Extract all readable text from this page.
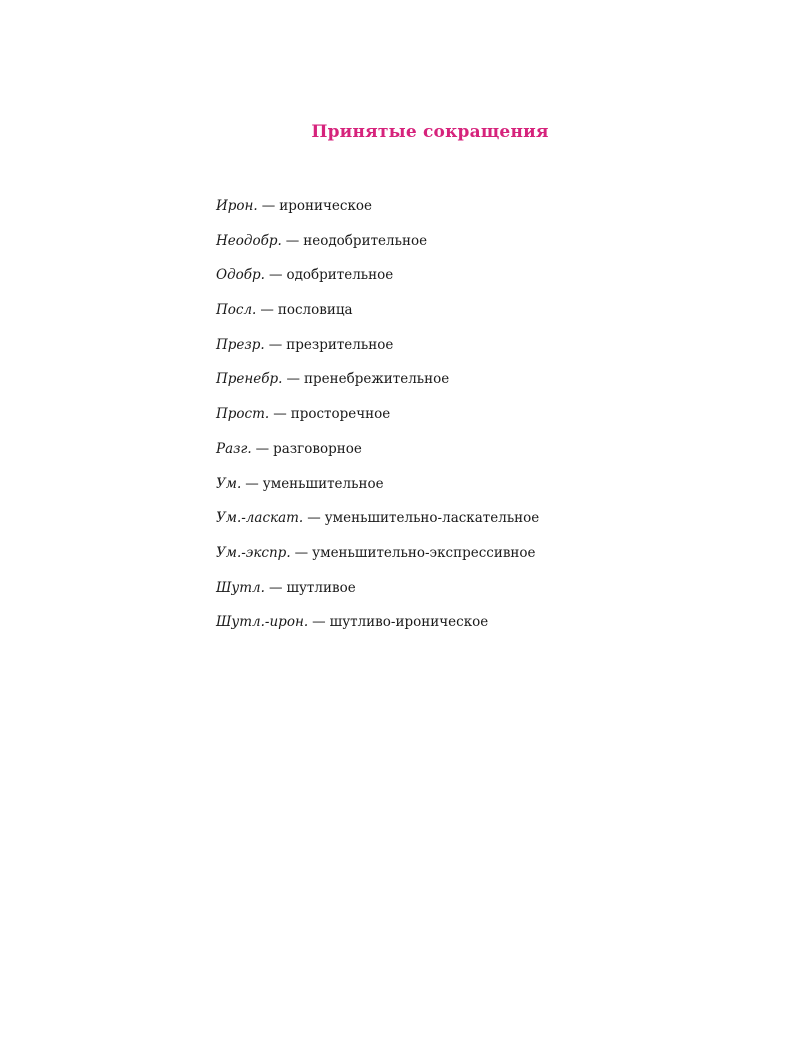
Принятые сокращения
Ирон. — ироническое
Неодобр. — неодобрительное
Одобр. — одобрительное
Посл. — пословица
Презр. — презрительное
Пренебр. — пренебрежительное
Прост. — просторечное
Разг. — разговорное
Ум. — уменьшительное
Ум.-ласкат. — уменьшительно-ласкательное
Ум.-экспр. — уменьшительно-экспрессивное
Шутл. — шутливое
Шутл.-ирон. — шутливо-ироническое
